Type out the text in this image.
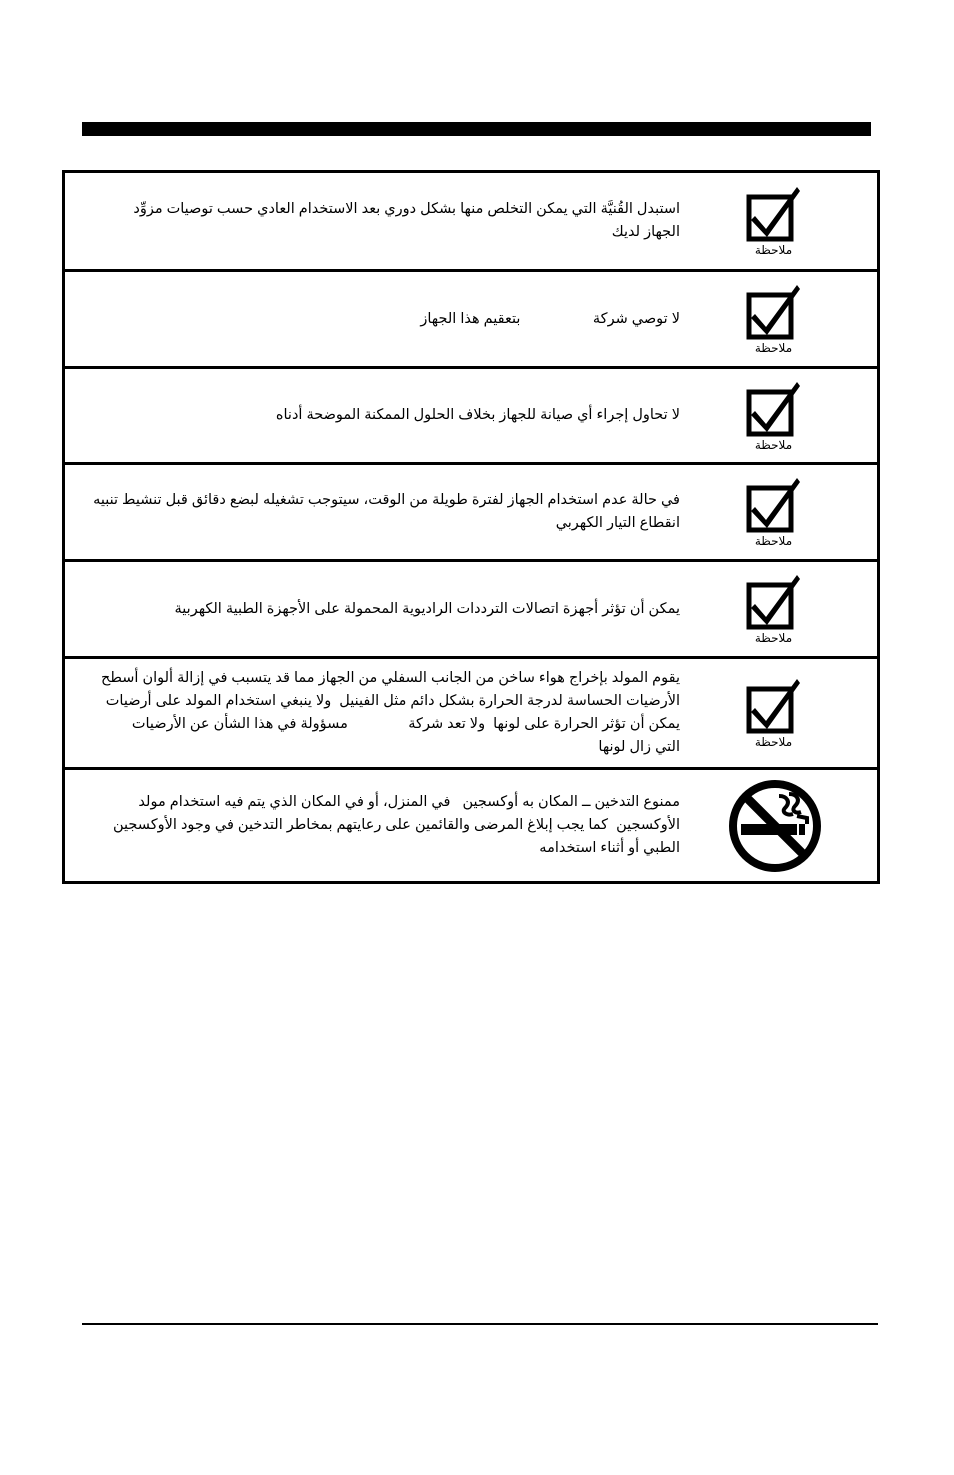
استبدل القُنيَّة التي يمكن التخلص منها بشكل دوري بعد الاستخدام العادي حسب توصيات مزوِّد
الجهاز لديك
ملاحظة
لا توصي شركة                  بتعقيم هذا الجهاز
ملاحظة
لا تحاول إجراء أي صيانة للجهاز بخلاف الحلول الممكنة الموضحة أدناه
ملاحظة
في حالة عدم استخدام الجهاز لفترة طويلة من الوقت، سيتوجب تشغيله لبضع دقائق قبل تنشيط تنبيه
انقطاع التيار الكهربي
ملاحظة
يمكن أن تؤثر أجهزة اتصالات الترددات الراديوية المحمولة على الأجهزة الطبية الكهربية
ملاحظة
يقوم المولد بإخراج هواء ساخن من الجانب السفلي من الجهاز مما قد يتسبب في إزالة ألوان أسطح
الأرضيات الحساسة لدرجة الحرارة بشكل دائم مثل الفينيل  ولا ينبغي استخدام المولد على أرضيات
يمكن أن تؤثر الحرارة على لونها  ولا تعد شركة               مسؤولة في هذا الشأن عن الأرضيات
التي زال لونها	ملاحظة
ممنوع التدخين ــ المكان به أوكسجين   في المنزل، أو في المكان الذي يتم فيه استخدام مولد
الأوكسجين  كما يجب إبلاغ المرضى والقائمين على رعايتهم بمخاطر التدخين في وجود الأوكسجين
الطبي أو أثناء استخدامه
